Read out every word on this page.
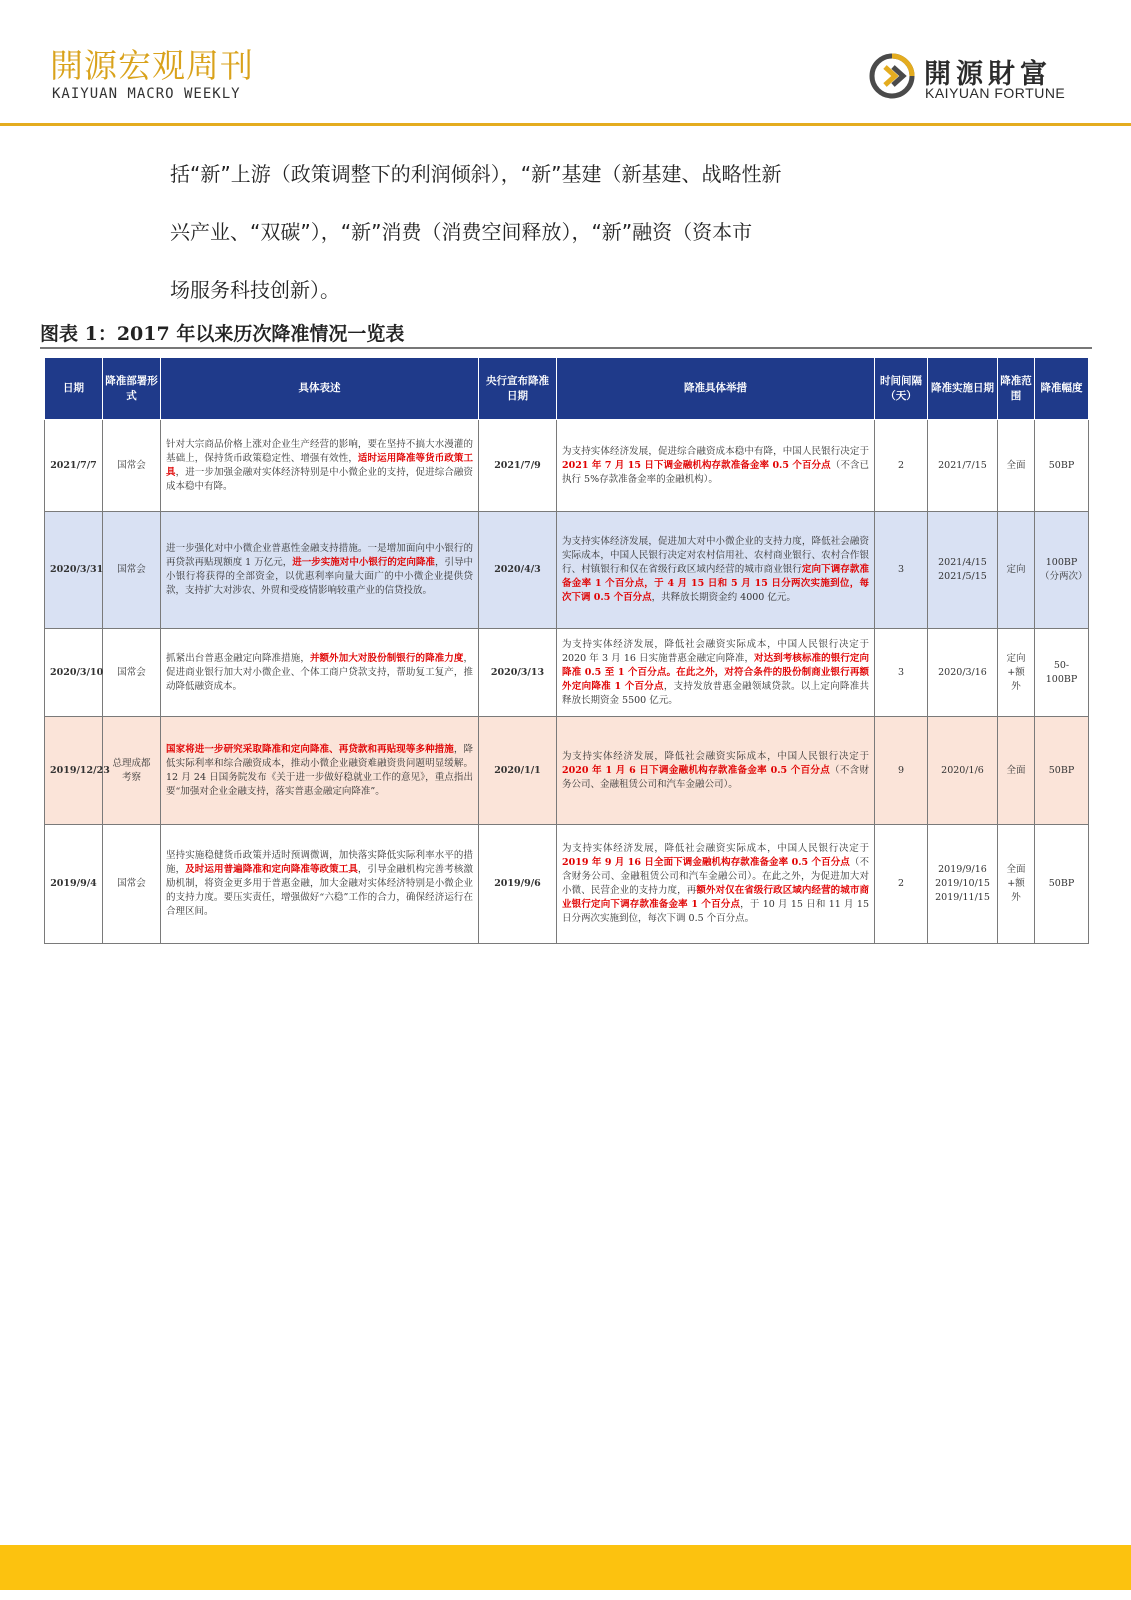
開源宏观周刊
KAIYUAN MACRO WEEKLY
開源財富
KAIYUAN FORTUNE
括“新”上游（政策调整下的利润倾斜），“新”基建（新基建、战略性新
兴产业、“双碳”），“新”消费（消费空间释放），“新”融资（资本市
场服务科技创新）。
图表 1：2017 年以来历次降准情况一览表
日期	降准部署形式	具体表述	央行宣布降准日期	降准具体举措	时间间隔（天）	降准实施日期	降准范围	降准幅度
2021/7/7	国常会	针对大宗商品价格上涨对企业生产经营的影响，要在坚持不搞大水漫灌的基础上，保持货币政策稳定性、增强有效性，适时运用降准等货币政策工具，进一步加强金融对实体经济特别是中小微企业的支持，促进综合融资成本稳中有降。	2021/7/9	为支持实体经济发展，促进综合融资成本稳中有降，中国人民银行决定于2021 年 7 月 15 日下调金融机构存款准备金率 0.5 个百分点（不含已执行 5%存款准备金率的金融机构）。	2	2021/7/15	全面	50BP
2020/3/31	国常会	进一步强化对中小微企业普惠性金融支持措施。一是增加面向中小银行的再贷款再贴现额度 1 万亿元，进一步实施对中小银行的定向降准，引导中小银行将获得的全部资金，以优惠利率向量大面广的中小微企业提供贷款，支持扩大对涉农、外贸和受疫情影响较重产业的信贷投放。	2020/4/3	为支持实体经济发展，促进加大对中小微企业的支持力度，降低社会融资实际成本，中国人民银行决定对农村信用社、农村商业银行、农村合作银行、村镇银行和仅在省级行政区域内经营的城市商业银行定向下调存款准备金率 1 个百分点，于 4 月 15 日和 5 月 15 日分两次实施到位，每次下调 0.5 个百分点，共释放长期资金约 4000 亿元。	3	2021/4/15 2021/5/15	定向	100BP（分两次）
2020/3/10	国常会	抓紧出台普惠金融定向降准措施，并额外加大对股份制银行的降准力度，促进商业银行加大对小微企业、个体工商户贷款支持，帮助复工复产，推动降低融资成本。	2020/3/13	为支持实体经济发展，降低社会融资实际成本，中国人民银行决定于 2020 年 3 月 16 日实施普惠金融定向降准，对达到考核标准的银行定向降准 0.5 至 1 个百分点。在此之外，对符合条件的股份制商业银行再额外定向降准 1 个百分点，支持发放普惠金融领域贷款。以上定向降准共释放长期资金 5500 亿元。	3	2020/3/16	定向+额外	50-100BP
2019/12/23	总理成都考察	国家将进一步研究采取降准和定向降准、再贷款和再贴现等多种措施，降低实际利率和综合融资成本，推动小微企业融资难融资贵问题明显缓解。12 月 24 日国务院发布《关于进一步做好稳就业工作的意见》，重点指出要“加强对企业金融支持，落实普惠金融定向降准”。	2020/1/1	为支持实体经济发展，降低社会融资实际成本，中国人民银行决定于2020 年 1 月 6 日下调金融机构存款准备金率 0.5 个百分点（不含财务公司、金融租赁公司和汽车金融公司）。	9	2020/1/6	全面	50BP
2019/9/4	国常会	坚持实施稳健货币政策并适时预调微调，加快落实降低实际利率水平的措施，及时运用普遍降准和定向降准等政策工具，引导金融机构完善考核激励机制，将资金更多用于普惠金融，加大金融对实体经济特别是小微企业的支持力度。要压实责任，增强做好“六稳”工作的合力，确保经济运行在合理区间。	2019/9/6	为支持实体经济发展，降低社会融资实际成本，中国人民银行决定于2019 年 9 月 16 日全面下调金融机构存款准备金率 0.5 个百分点（不含财务公司、金融租赁公司和汽车金融公司）。在此之外，为促进加大对小微、民营企业的支持力度，再额外对仅在省级行政区域内经营的城市商业银行定向下调存款准备金率 1 个百分点，于 10 月 15 日和 11 月 15 日分两次实施到位，每次下调 0.5 个百分点。	2	2019/9/16 2019/10/15 2019/11/15	全面+额外	50BP
